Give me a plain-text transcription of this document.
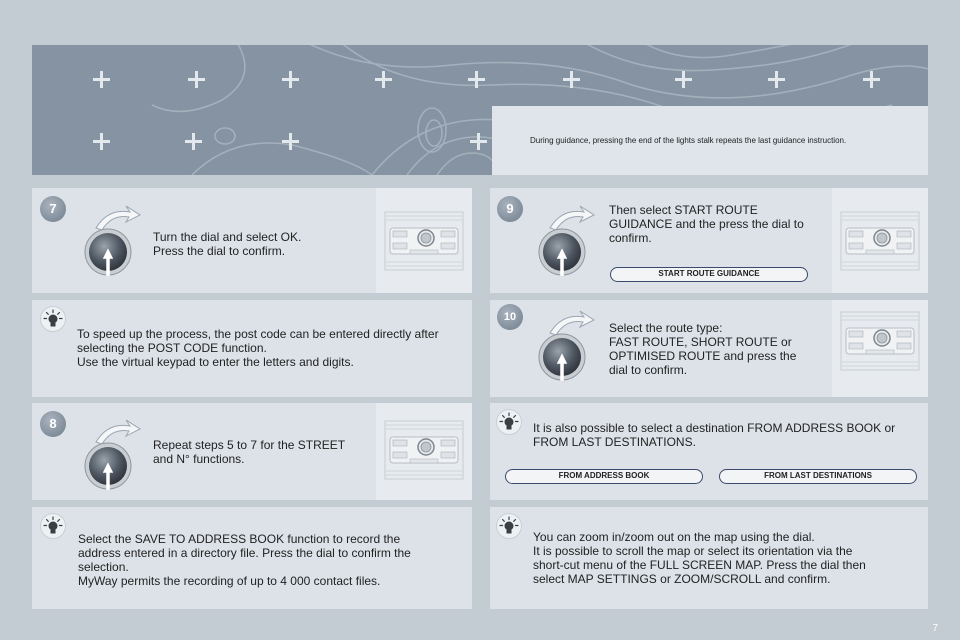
During guidance, pressing the end of the lights stalk repeats the last guidance instruction.
7
Turn the dial and select OK.
Press the dial to confirm.
To speed up the process, the post code can be entered directly after
selecting the POST CODE function.
Use the virtual keypad to enter the letters and digits.
8
Repeat steps 5 to 7 for the STREET
and N° functions.
Select the SAVE TO ADDRESS BOOK function to record the
address entered in a directory file. Press the dial to confirm the
selection.
MyWay permits the recording of up to 4 000 contact files.
9	Then select START ROUTE
GUIDANCE and the press the dial to
confirm.
START ROUTE GUIDANCE
10
Select the route type:
FAST ROUTE, SHORT ROUTE or
OPTIMISED ROUTE and press the
dial to confirm.
It is also possible to select a destination FROM ADDRESS BOOK or
FROM LAST DESTINATIONS.
FROM ADDRESS BOOK	FROM LAST DESTINATIONS
You can zoom in/zoom out on the map using the dial.
It is possible to scroll the map or select its orientation via the
short-cut menu of the FULL SCREEN MAP. Press the dial then
select MAP SETTINGS or ZOOM/SCROLL and confirm.
7
